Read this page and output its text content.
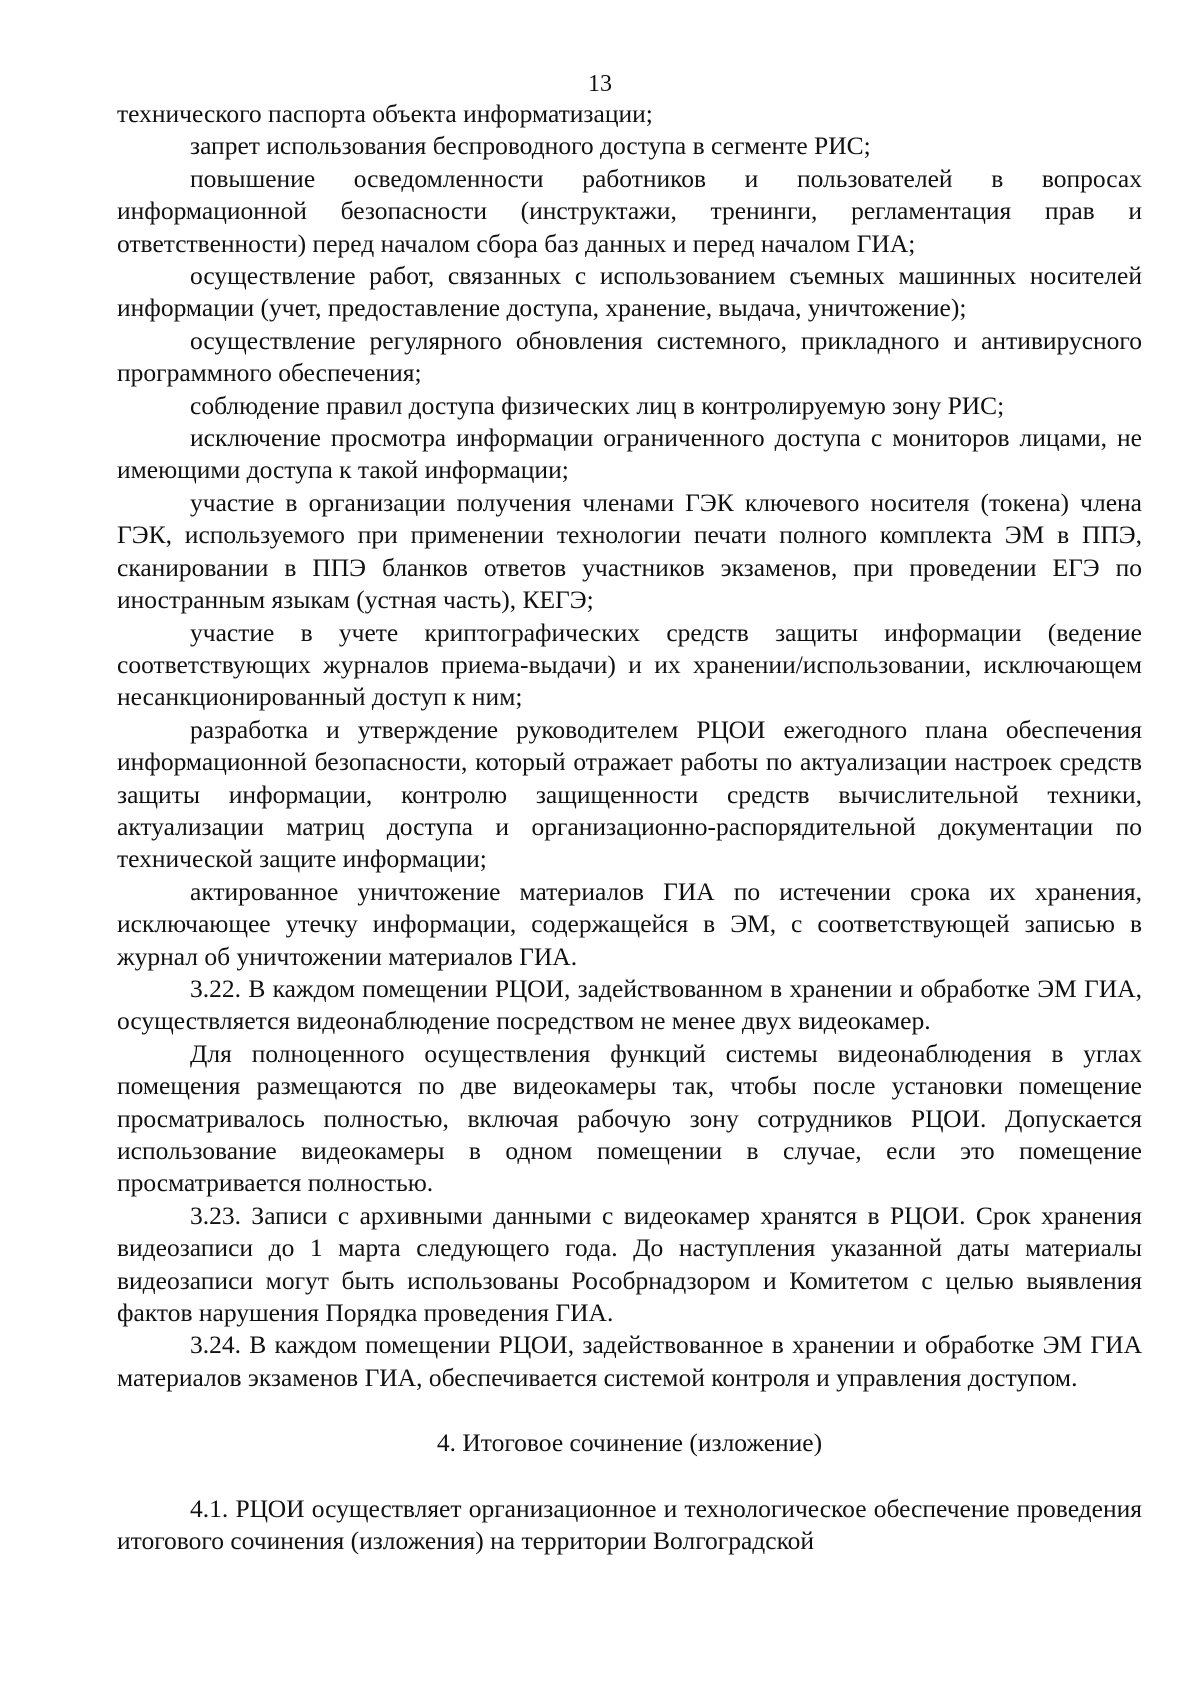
13

технического паспорта объекта информатизации;

запрет использования беспроводного доступа в сегменте РИС;

повышение осведомленности работников и пользователей в вопросах информационной безопасности (инструктажи, тренинги, регламентация прав и ответственности) перед началом сбора баз данных и перед началом ГИА;

осуществление работ, связанных с использованием съемных машинных носителей информации (учет, предоставление доступа, хранение, выдача, уничтожение);

осуществление регулярного обновления системного, прикладного и антивирусного программного обеспечения;

соблюдение правил доступа физических лиц в контролируемую зону РИС;

исключение просмотра информации ограниченного доступа с мониторов лицами, не имеющими доступа к такой информации;

участие в организации получения членами ГЭК ключевого носителя (токена) члена ГЭК, используемого при применении технологии печати полного комплекта ЭМ в ППЭ, сканировании в ППЭ бланков ответов участников экзаменов, при проведении ЕГЭ по иностранным языкам (устная часть), КЕГЭ;

участие в учете криптографических средств защиты информации (ведение соответствующих журналов приема-выдачи) и их хранении/использовании, исключающем несанкционированный доступ к ним;

разработка и утверждение руководителем РЦОИ ежегодного плана обеспечения информационной безопасности, который отражает работы по актуализации настроек средств защиты информации, контролю защищенности средств вычислительной техники, актуализации матриц доступа и организационно-распорядительной документации по технической защите информации;

актированное уничтожение материалов ГИА по истечении срока их хранения, исключающее утечку информации, содержащейся в ЭМ, с соответствующей записью в журнал об уничтожении материалов ГИА.

3.22. В каждом помещении РЦОИ, задействованном в хранении и обработке ЭМ ГИА, осуществляется видеонаблюдение посредством не менее двух видеокамер.

Для полноценного осуществления функций системы видеонаблюдения в углах помещения размещаются по две видеокамеры так, чтобы после установки помещение просматривалось полностью, включая рабочую зону сотрудников РЦОИ. Допускается использование видеокамеры в одном помещении в случае, если это помещение просматривается полностью.

3.23. Записи с архивными данными с видеокамер хранятся в РЦОИ. Срок хранения видеозаписи до 1 марта следующего года. До наступления указанной даты материалы видеозаписи могут быть использованы Рособрнадзором и Комитетом с целью выявления фактов нарушения Порядка проведения ГИА.

3.24. В каждом помещении РЦОИ, задействованное в хранении и обработке ЭМ ГИА материалов экзаменов ГИА, обеспечивается системой контроля и управления доступом.

4. Итоговое сочинение (изложение)

4.1. РЦОИ осуществляет организационное и технологическое обеспечение проведения итогового сочинения (изложения) на территории Волгоградской
